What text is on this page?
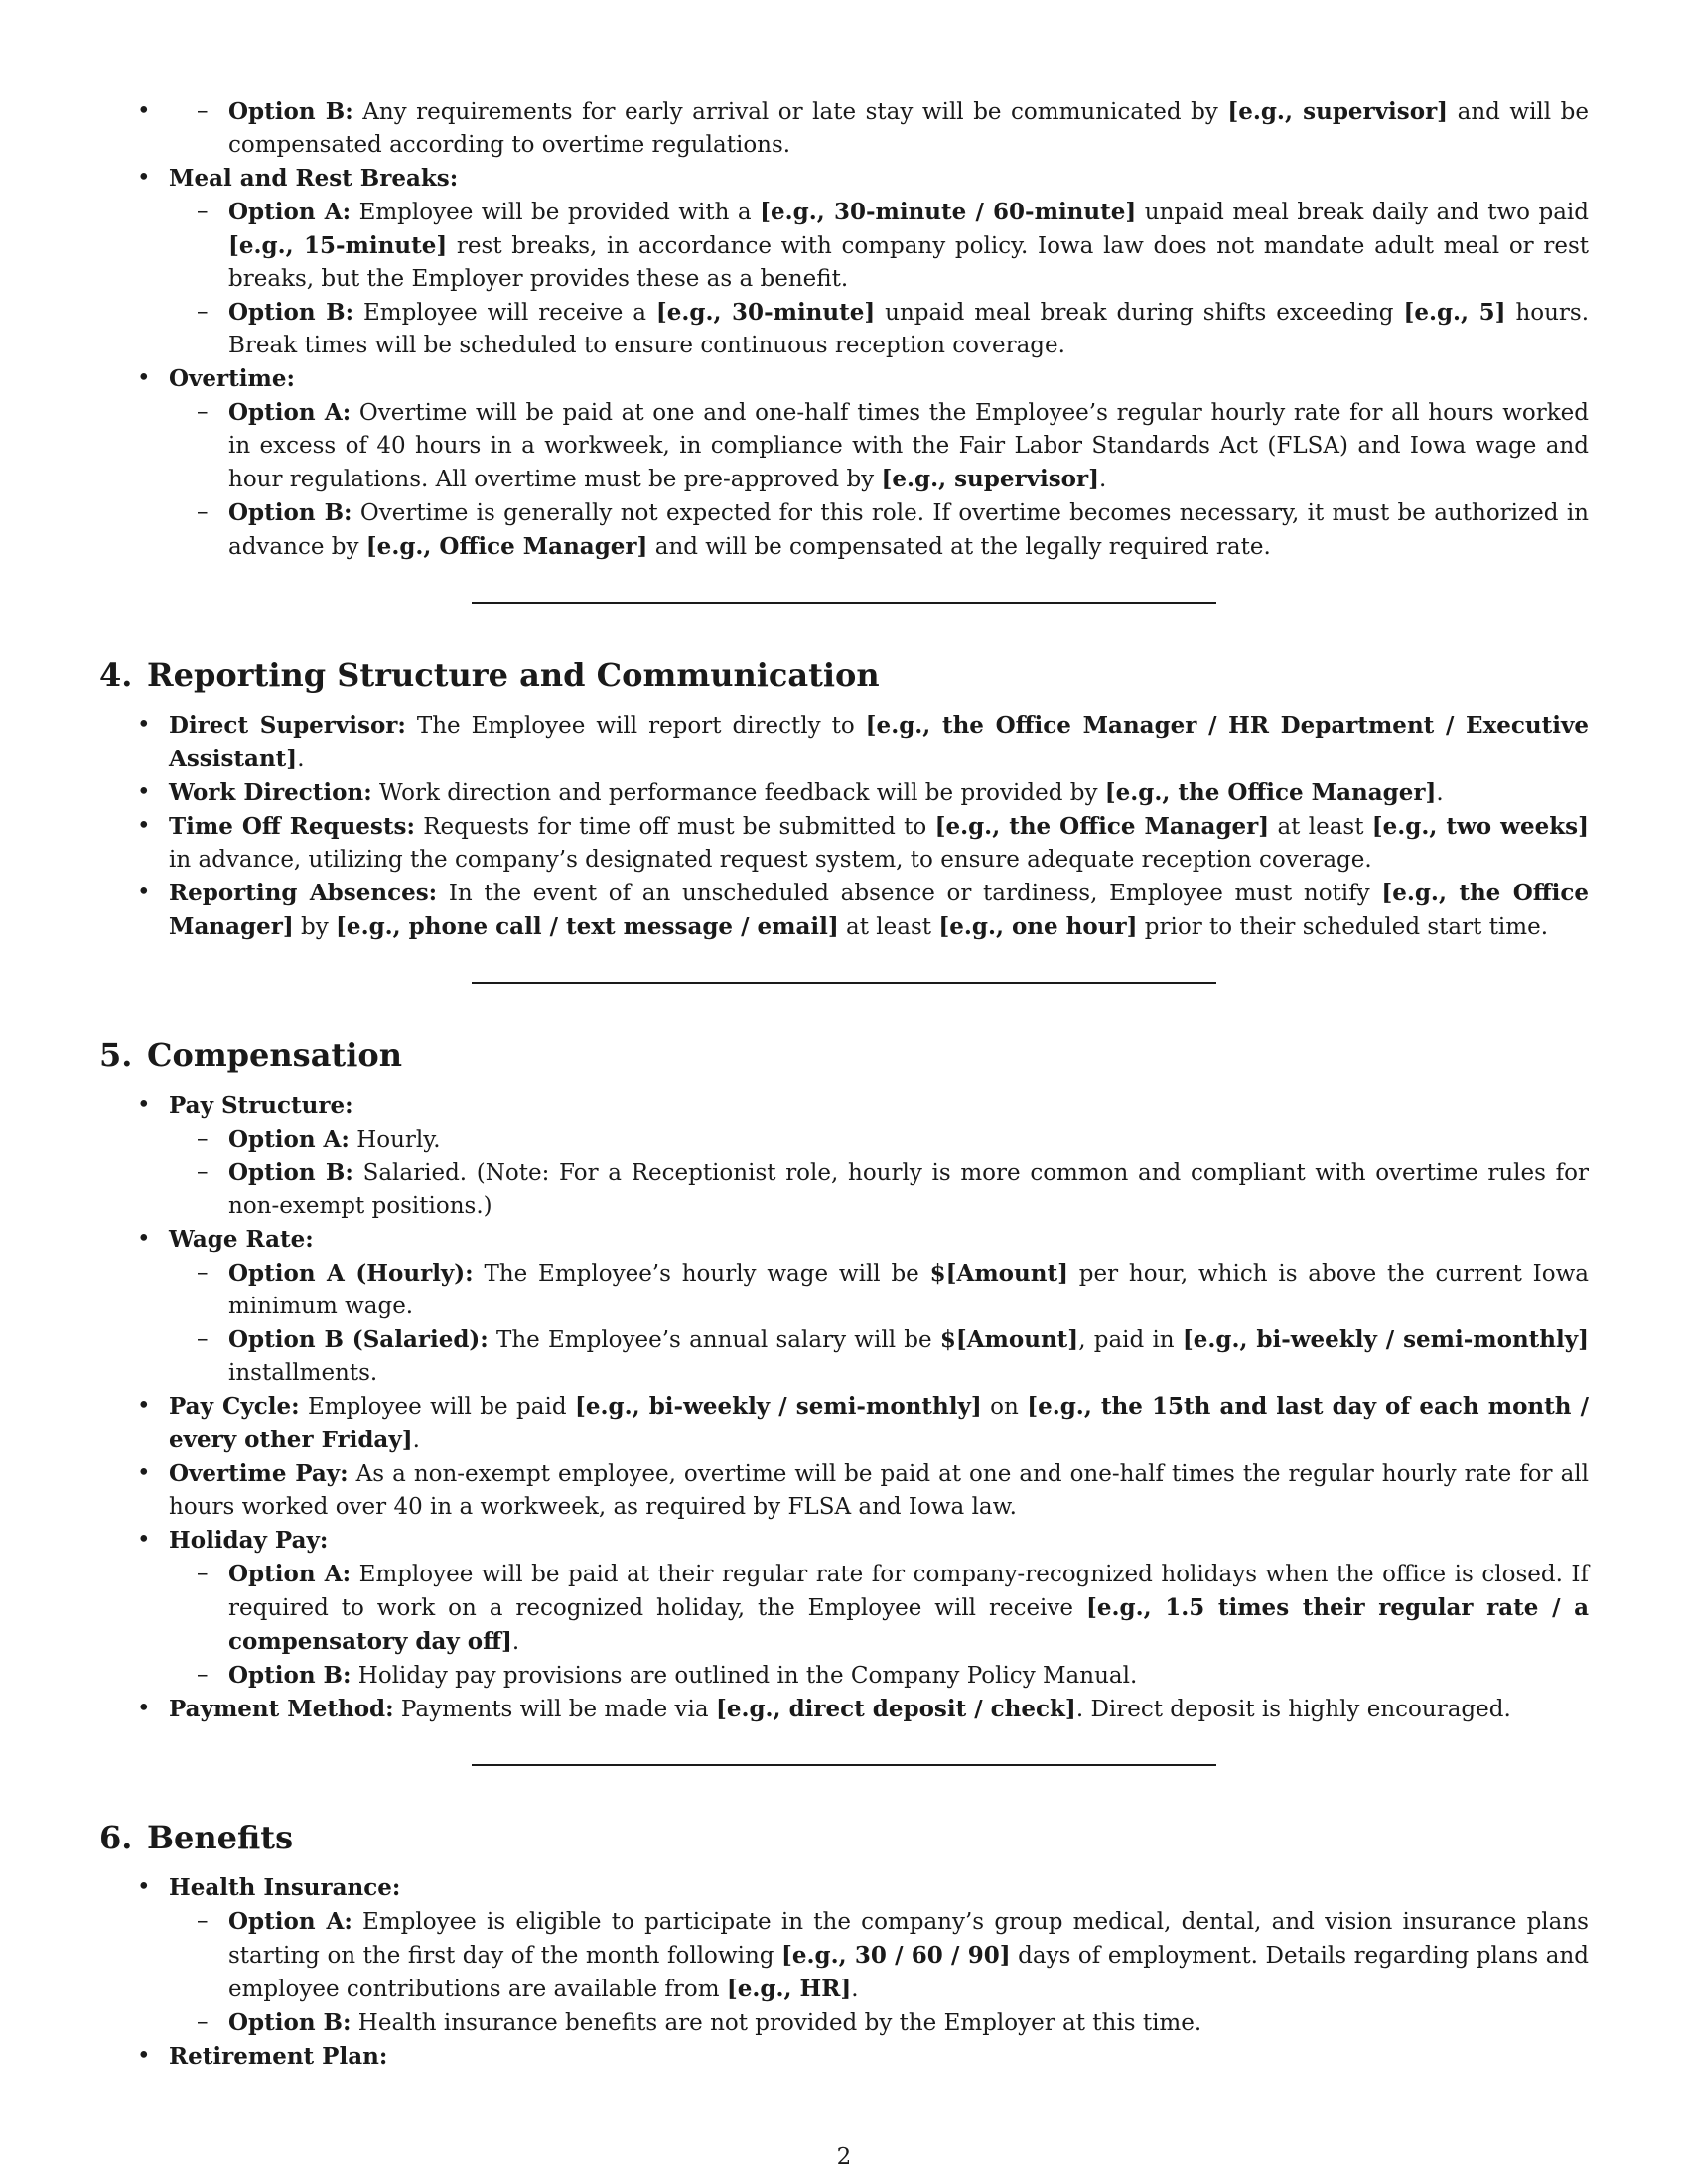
– • Option B: Any requirements for early arrival or late stay will be communicated by [e.g., supervisor] and will be compensated according to overtime regulations.
• Meal and Rest Breaks:
– Option A: Employee will be provided with a [e.g., 30-minute / 60-minute] unpaid meal break daily and two paid [e.g., 15-minute] rest breaks, in accordance with company policy. Iowa law does not mandate adult meal or rest breaks, but the Employer provides these as a benefit.
– Option B: Employee will receive a [e.g., 30-minute] unpaid meal break during shifts exceeding [e.g., 5] hours. Break times will be scheduled to ensure continuous reception coverage.
• Overtime:
– Option A: Overtime will be paid at one and one-half times the Employee’s regular hourly rate for all hours worked in excess of 40 hours in a workweek, in compliance with the Fair Labor Standards Act (FLSA) and Iowa wage and hour regulations. All overtime must be pre-approved by [e.g., supervisor].
– Option B: Overtime is generally not expected for this role. If overtime becomes necessary, it must be authorized in advance by [e.g., Office Manager] and will be compensated at the legally required rate.
4. Reporting Structure and Communication
• Direct Supervisor: The Employee will report directly to [e.g., the Office Manager / HR Department / Executive Assistant].
• Work Direction: Work direction and performance feedback will be provided by [e.g., the Office Manager].
• Time Off Requests: Requests for time off must be submitted to [e.g., the Office Manager] at least [e.g., two weeks] in advance, utilizing the company’s designated request system, to ensure adequate reception coverage.
• Reporting Absences: In the event of an unscheduled absence or tardiness, Employee must notify [e.g., the Office Manager] by [e.g., phone call / text message / email] at least [e.g., one hour] prior to their scheduled start time.
5. Compensation
• Pay Structure:
– Option A: Hourly.
– Option B: Salaried. (Note: For a Receptionist role, hourly is more common and compliant with overtime rules for non-exempt positions.)
• Wage Rate:
– Option A (Hourly): The Employee’s hourly wage will be $[Amount] per hour, which is above the current Iowa minimum wage.
– Option B (Salaried): The Employee’s annual salary will be $[Amount], paid in [e.g., bi-weekly / semi-monthly] installments.
• Pay Cycle: Employee will be paid [e.g., bi-weekly / semi-monthly] on [e.g., the 15th and last day of each month / every other Friday].
• Overtime Pay: As a non-exempt employee, overtime will be paid at one and one-half times the regular hourly rate for all hours worked over 40 in a workweek, as required by FLSA and Iowa law.
• Holiday Pay:
– Option A: Employee will be paid at their regular rate for company-recognized holidays when the office is closed. If required to work on a recognized holiday, the Employee will receive [e.g., 1.5 times their regular rate / a compensatory day off].
– Option B: Holiday pay provisions are outlined in the Company Policy Manual.
• Payment Method: Payments will be made via [e.g., direct deposit / check]. Direct deposit is highly encouraged.
6. Benefits
• Health Insurance:
– Option A: Employee is eligible to participate in the company’s group medical, dental, and vision insurance plans starting on the first day of the month following [e.g., 30 / 60 / 90] days of employment. Details regarding plans and employee contributions are available from [e.g., HR].
– Option B: Health insurance benefits are not provided by the Employer at this time.
• Retirement Plan:
2
